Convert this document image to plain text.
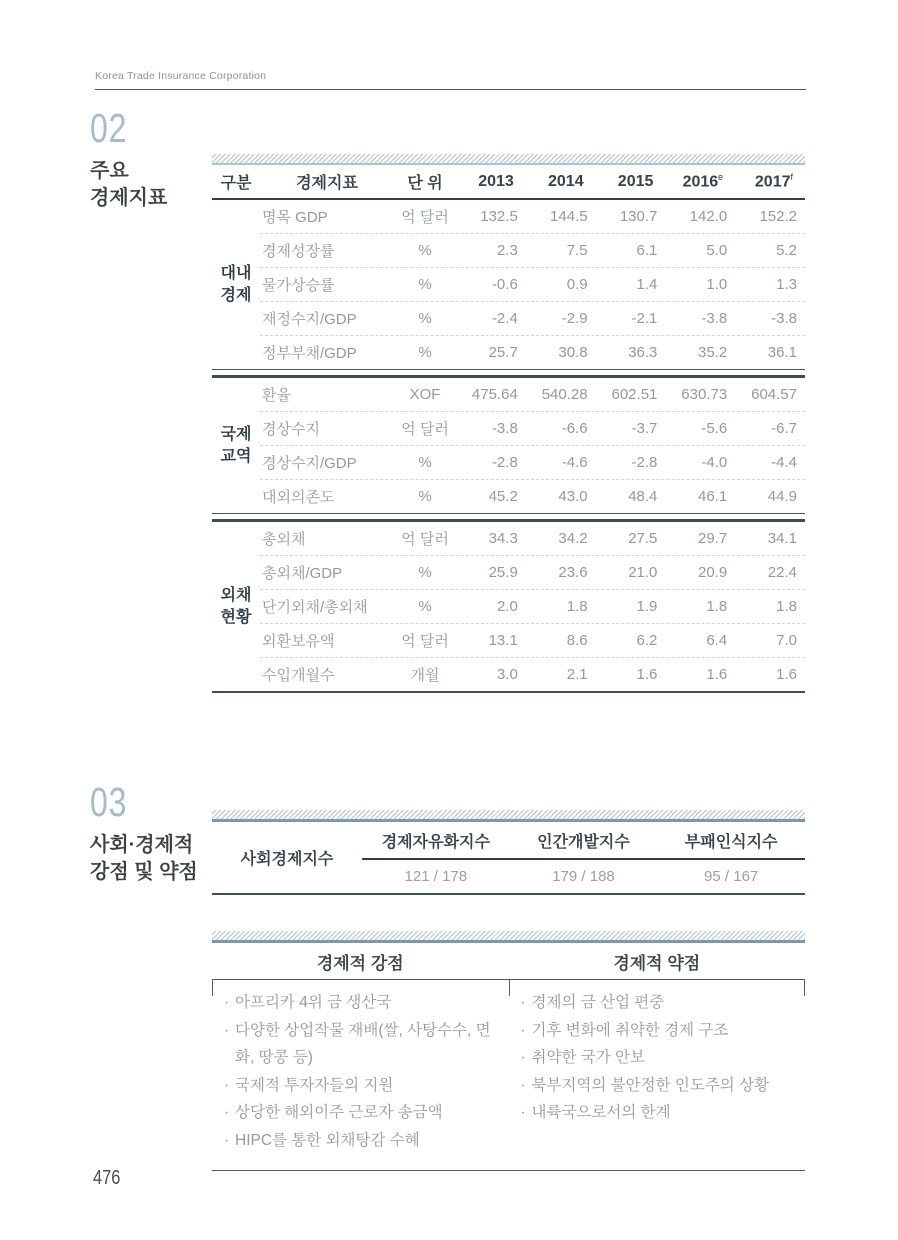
Korea Trade Insurance Corporation
02
주요
경제지표
구분	경제지표	단 위	2013	2014	2015	2016e	2017$^f$
대내
경제
명목 GDP	억 달러	132.5	144.5	130.7	142.0	152.2
경제성장률	%	2.3	7.5	6.1	5.0	5.2
물가상승률	%	-0.6	0.9	1.4	1.0	1.3
재정수지/GDP	%	-2.4	-2.9	-2.1	-3.8	-3.8
정부부채/GDP	%	25.7	30.8	36.3	35.2	36.1
국제
교역
환율	XOF	475.64	540.28	602.51	630.73	604.57
경상수지	억 달러	-3.8	-6.6	-3.7	-5.6	-6.7
경상수지/GDP	%	-2.8	-4.6	-2.8	-4.0	-4.4
대외의존도	%	45.2	43.0	48.4	46.1	44.9
외채
현황
총외채	억 달러	34.3	34.2	27.5	29.7	34.1
총외채/GDP	%	25.9	23.6	21.0	20.9	22.4
단기외채/총외채	%	2.0	1.8	1.9	1.8	1.8
외환보유액	억 달러	13.1	8.6	6.2	6.4	7.0
수입개월수	개월	3.0	2.1	1.6	1.6	1.6
03
사회·경제적
강점 및 약점
사회경제지수
경제자유화지수	인간개발지수	부패인식지수
121 / 178	179 / 188	95 / 167
경제적 강점	경제적 약점
· 아프리카 4위 금 생산국
· 다양한 상업작물 재배(쌀, 사탕수수, 면화, 땅콩 등)
· 국제적 투자자들의 지원
· 상당한 해외이주 근로자 송금액
· HIPC를 통한 외채탕감 수혜
· 경제의 금 산업 편중
· 기후 변화에 취약한 경제 구조
· 취약한 국가 안보
· 북부지역의 불안정한 인도주의 상황
· 내륙국으로서의 한계
476
